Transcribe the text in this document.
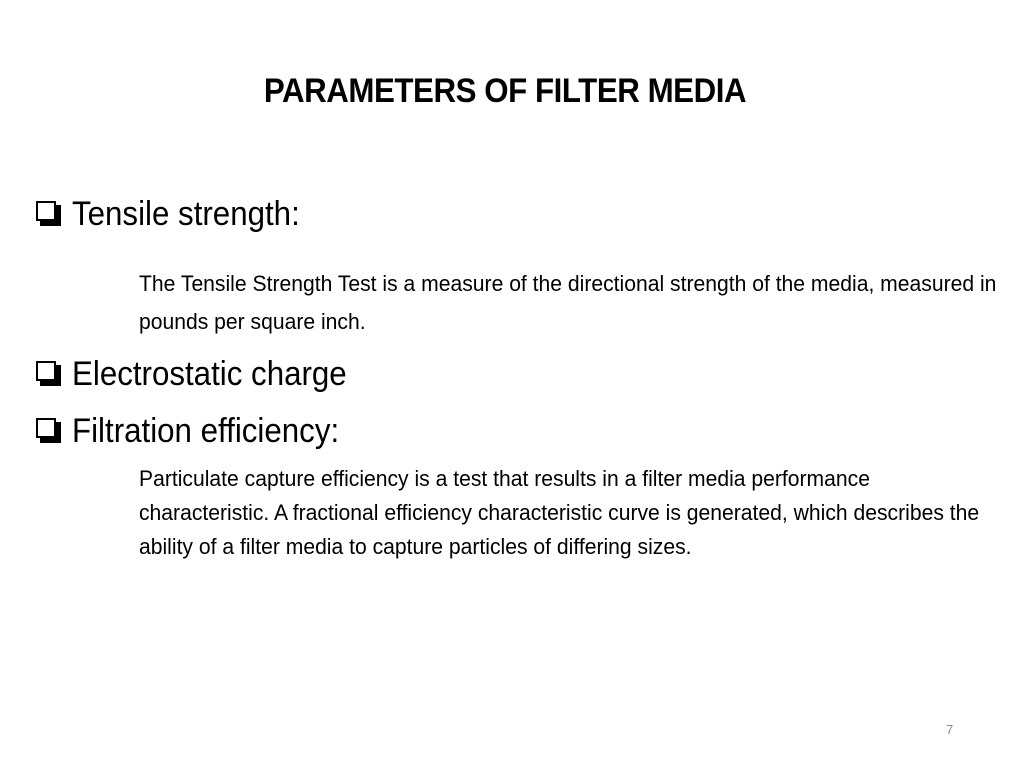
PARAMETERS OF FILTER MEDIA
Tensile strength:
The Tensile Strength Test is a measure of the directional strength of the media, measured in pounds per square inch.
Electrostatic charge
Filtration efficiency:
Particulate capture efficiency is a test that results in a filter media performance characteristic. A fractional efficiency characteristic curve is generated, which describes the ability of a filter media to capture particles of differing sizes.
7
